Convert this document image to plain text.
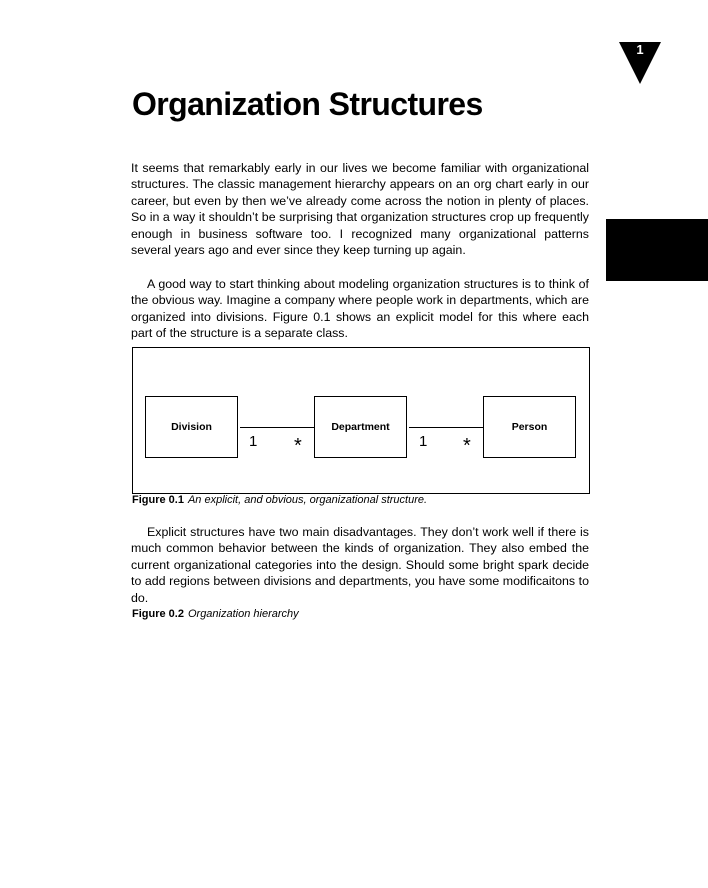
1
Organization Structures

It seems that remarkably early in our lives we become familiar with organizational structures. The classic management hierarchy appears on an org chart early in our career, but even by then we’ve already come across the notion in plenty of places. So in a way it shouldn’t be surprising that organization structures crop up frequently enough in business software too. I recognized many organizational patterns several years ago and ever since they keep turning up again.

A good way to start thinking about modeling organization structures is to think of the obvious way. Imagine a company where people work in departments, which are organized into divisions. Figure 0.1 shows an explicit model for this where each part of the structure is a separate class.

Division	Department	Person
1 *	1 *

Figure 0.1 An explicit, and obvious, organizational structure.

Explicit structures have two main disadvantages. They don’t work well if there is much common behavior between the kinds of organization. They also embed the current organizational categories into the design. Should some bright spark decide to add regions between divisions and departments, you have some modificaitons to do.

Figure 0.2 Organization hierarchy
